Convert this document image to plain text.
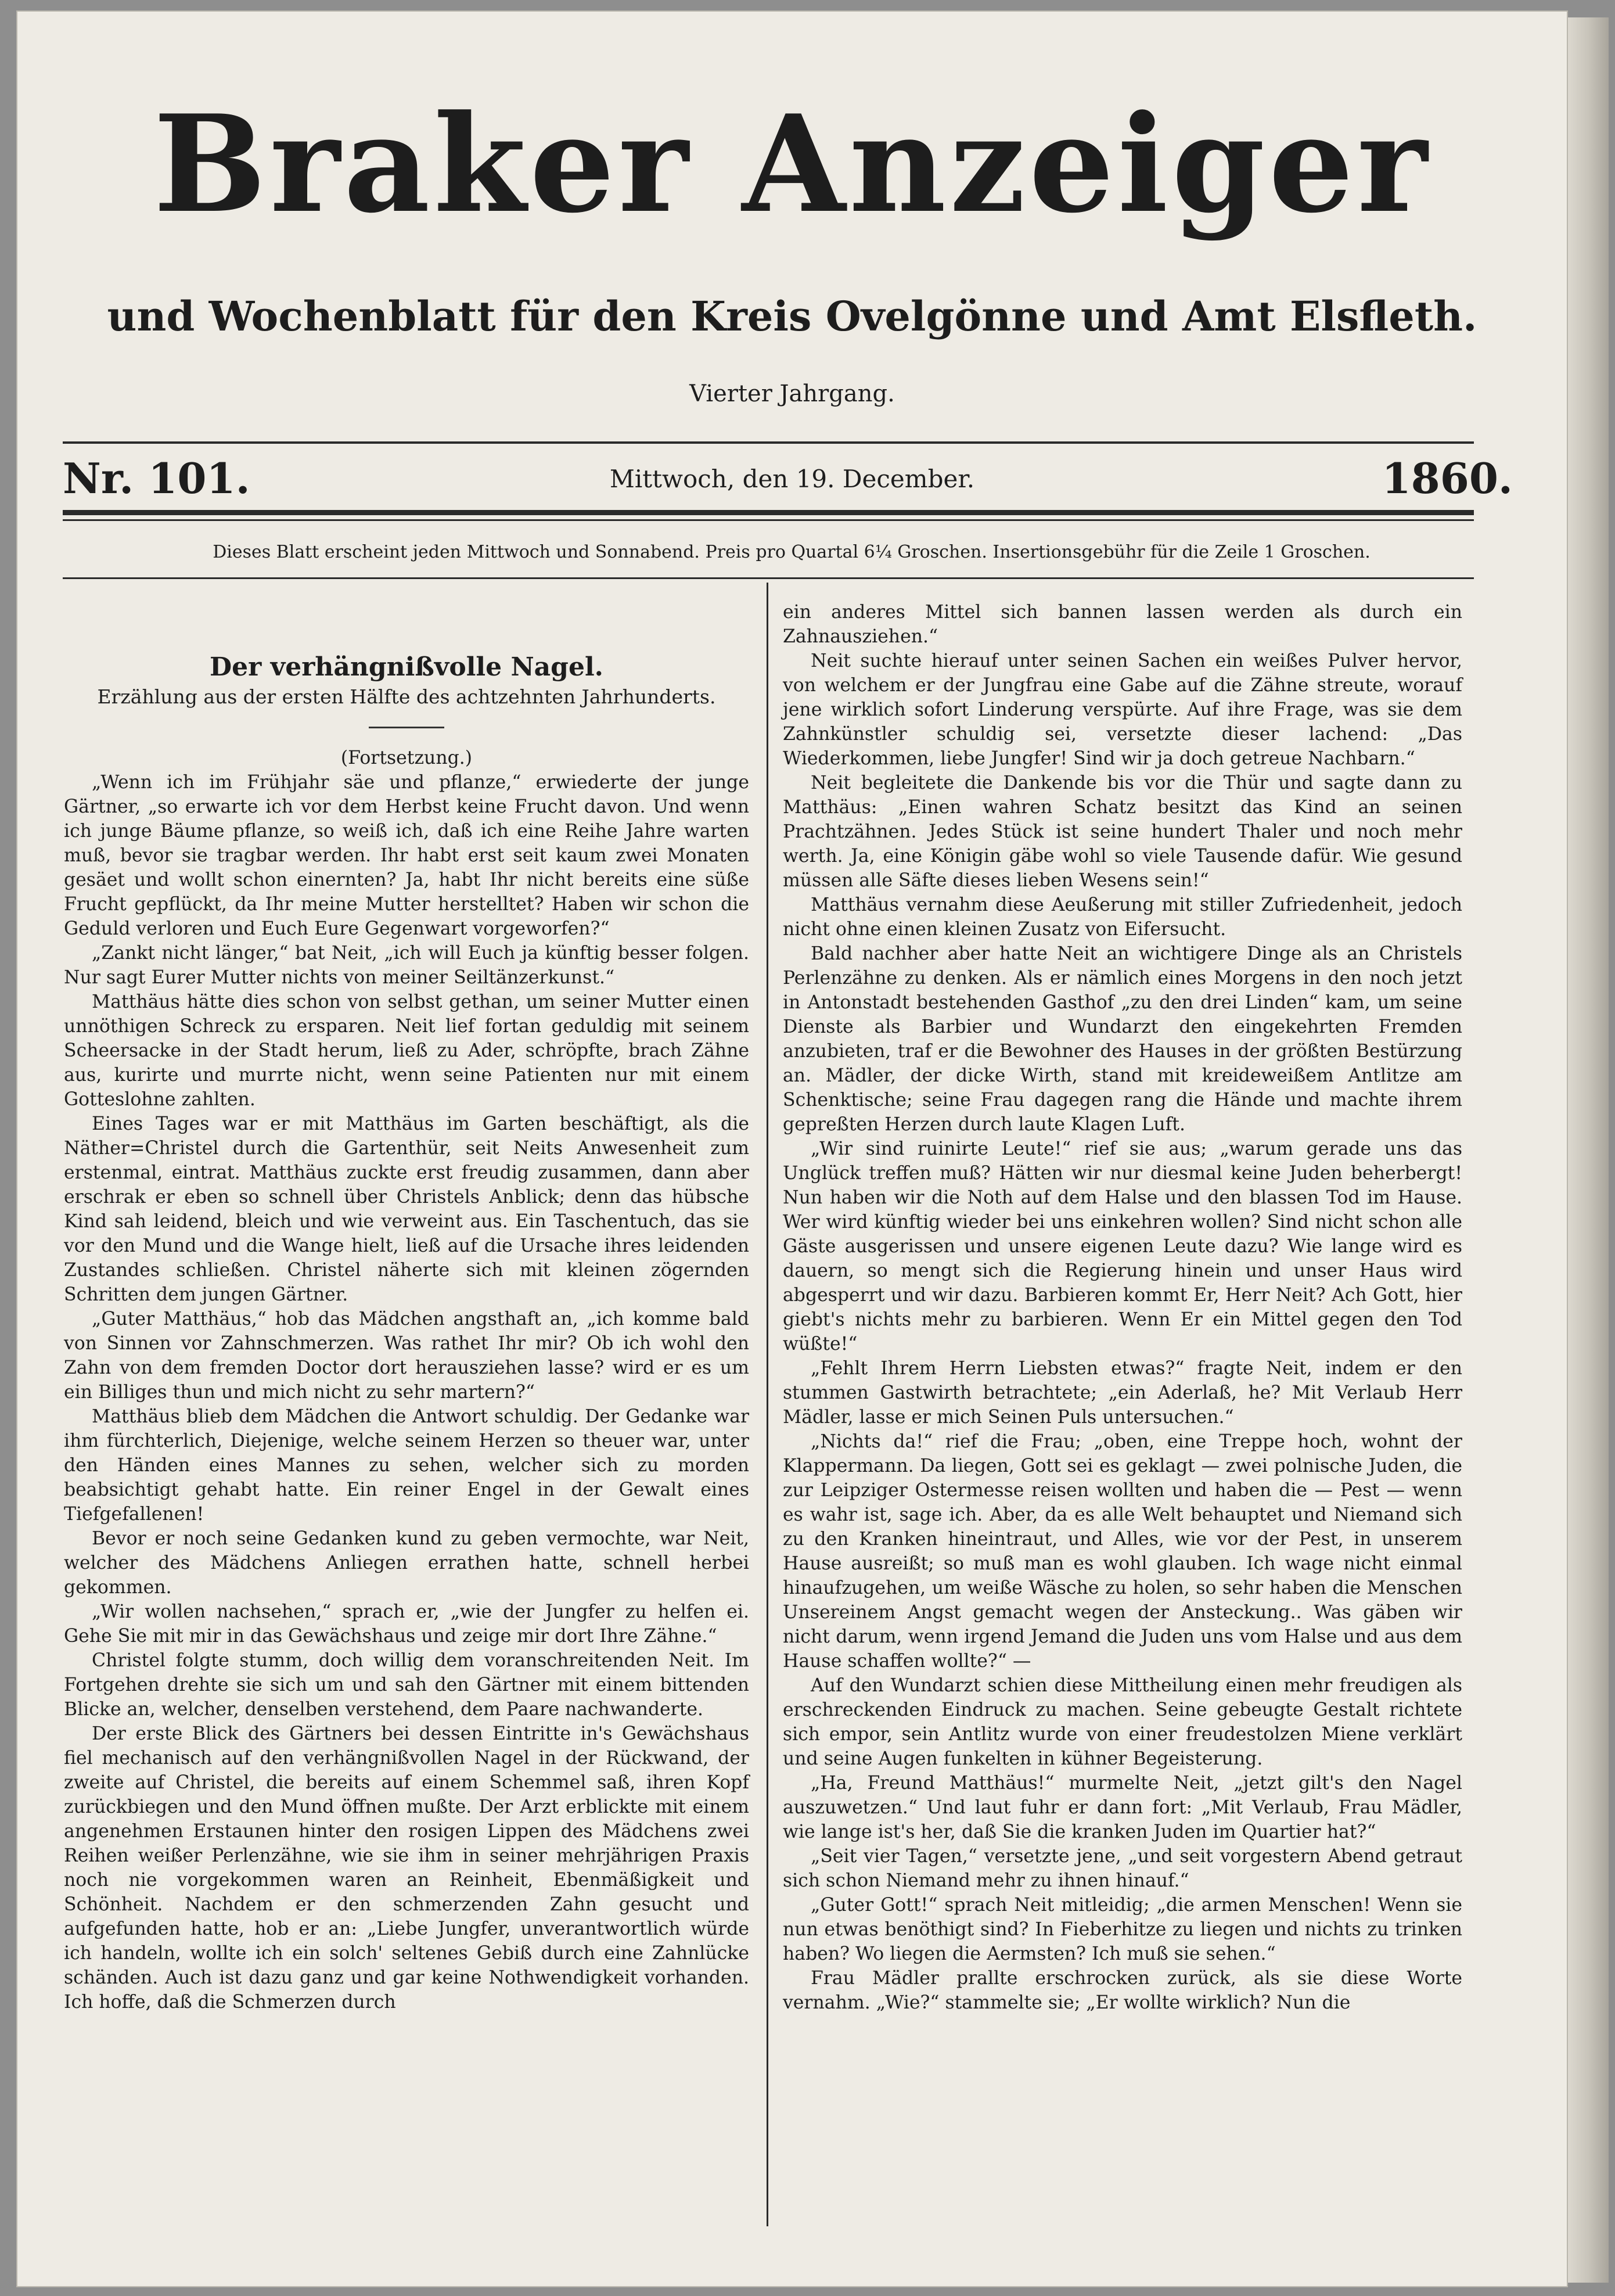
Braker Anzeiger
und Wochenblatt für den Kreis Ovelgönne und Amt Elsfleth.
Vierter Jahrgang.
Nr. 101.	Mittwoch, den 19. December.	1860.
Dieses Blatt erscheint jeden Mittwoch und Sonnabend. Preis pro Quartal 6¼ Groschen. Insertionsgebühr für die Zeile 1 Groschen.

Der verhängnißvolle Nagel.

Erzählung aus der ersten Hälfte des achtzehnten Jahrhunderts.

(Fortsetzung.)

„Wenn ich im Frühjahr säe und pflanze,“ erwiederte der junge Gärtner, „so erwarte ich vor dem Herbst keine Frucht davon. Und wenn ich junge Bäume pflanze, so weiß ich, daß ich eine Reihe Jahre warten muß, bevor sie tragbar werden. Ihr habt erst seit kaum zwei Monaten gesäet und wollt schon einernten? Ja, habt Ihr nicht bereits eine süße Frucht gepflückt, da Ihr meine Mutter herstelltet? Haben wir schon die Geduld verloren und Euch Eure Gegenwart vorgeworfen?“

„Zankt nicht länger,“ bat Neit, „ich will Euch ja künftig besser folgen. Nur sagt Eurer Mutter nichts von meiner Seiltänzerkunst.“

Matthäus hätte dies schon von selbst gethan, um seiner Mutter einen unnöthigen Schreck zu ersparen. Neit lief fortan geduldig mit seinem Scheersacke in der Stadt herum, ließ zu Ader, schröpfte, brach Zähne aus, kurirte und murrte nicht, wenn seine Patienten nur mit einem Gotteslohne zahlten.

Eines Tages war er mit Matthäus im Garten beschäftigt, als die Näther=Christel durch die Gartenthür, seit Neits Anwesenheit zum erstenmal, eintrat. Matthäus zuckte erst freudig zusammen, dann aber erschrak er eben so schnell über Christels Anblick; denn das hübsche Kind sah leidend, bleich und wie verweint aus. Ein Taschentuch, das sie vor den Mund und die Wange hielt, ließ auf die Ursache ihres leidenden Zustandes schließen. Christel näherte sich mit kleinen zögernden Schritten dem jungen Gärtner.

„Guter Matthäus,“ hob das Mädchen angsthaft an, „ich komme bald von Sinnen vor Zahnschmerzen. Was rathet Ihr mir? Ob ich wohl den Zahn von dem fremden Doctor dort herausziehen lasse? wird er es um ein Billiges thun und mich nicht zu sehr martern?“

Matthäus blieb dem Mädchen die Antwort schuldig. Der Gedanke war ihm fürchterlich, Diejenige, welche seinem Herzen so theuer war, unter den Händen eines Mannes zu sehen, welcher sich zu morden beabsichtigt gehabt hatte. Ein reiner Engel in der Gewalt eines Tiefgefallenen!

Bevor er noch seine Gedanken kund zu geben vermochte, war Neit, welcher des Mädchens Anliegen errathen hatte, schnell herbei gekommen.

„Wir wollen nachsehen,“ sprach er, „wie der Jungfer zu helfen ei. Gehe Sie mit mir in das Gewächshaus und zeige mir dort Ihre Zähne.“

Christel folgte stumm, doch willig dem voranschreitenden Neit. Im Fortgehen drehte sie sich um und sah den Gärtner mit einem bittenden Blicke an, welcher, denselben verstehend, dem Paare nachwanderte.

Der erste Blick des Gärtners bei dessen Eintritte in's Gewächshaus fiel mechanisch auf den verhängnißvollen Nagel in der Rückwand, der zweite auf Christel, die bereits auf einem Schemmel saß, ihren Kopf zurückbiegen und den Mund öffnen mußte. Der Arzt erblickte mit einem angenehmen Erstaunen hinter den rosigen Lippen des Mädchens zwei Reihen weißer Perlenzähne, wie sie ihm in seiner mehrjährigen Praxis noch nie vorgekommen waren an Reinheit, Ebenmäßigkeit und Schönheit. Nachdem er den schmerzenden Zahn gesucht und aufgefunden hatte, hob er an: „Liebe Jungfer, unverantwortlich würde ich handeln, wollte ich ein solch' seltenes Gebiß durch eine Zahnlücke schänden. Auch ist dazu ganz und gar keine Nothwendigkeit vorhanden. Ich hoffe, daß die Schmerzen durch

ein anderes Mittel sich bannen lassen werden als durch ein Zahnausziehen.“

Neit suchte hierauf unter seinen Sachen ein weißes Pulver hervor, von welchem er der Jungfrau eine Gabe auf die Zähne streute, worauf jene wirklich sofort Linderung verspürte. Auf ihre Frage, was sie dem Zahnkünstler schuldig sei, versetzte dieser lachend: „Das Wiederkommen, liebe Jungfer! Sind wir ja doch getreue Nachbarn.“

Neit begleitete die Dankende bis vor die Thür und sagte dann zu Matthäus: „Einen wahren Schatz besitzt das Kind an seinen Prachtzähnen. Jedes Stück ist seine hundert Thaler und noch mehr werth. Ja, eine Königin gäbe wohl so viele Tausende dafür. Wie gesund müssen alle Säfte dieses lieben Wesens sein!“

Matthäus vernahm diese Aeußerung mit stiller Zufriedenheit, jedoch nicht ohne einen kleinen Zusatz von Eifersucht.

Bald nachher aber hatte Neit an wichtigere Dinge als an Christels Perlenzähne zu denken. Als er nämlich eines Morgens in den noch jetzt in Antonstadt bestehenden Gasthof „zu den drei Linden“ kam, um seine Dienste als Barbier und Wundarzt den eingekehrten Fremden anzubieten, traf er die Bewohner des Hauses in der größten Bestürzung an. Mädler, der dicke Wirth, stand mit kreideweißem Antlitze am Schenktische; seine Frau dagegen rang die Hände und machte ihrem gepreßten Herzen durch laute Klagen Luft.

„Wir sind ruinirte Leute!“ rief sie aus; „warum gerade uns das Unglück treffen muß? Hätten wir nur diesmal keine Juden beherbergt! Nun haben wir die Noth auf dem Halse und den blassen Tod im Hause. Wer wird künftig wieder bei uns einkehren wollen? Sind nicht schon alle Gäste ausgerissen und unsere eigenen Leute dazu? Wie lange wird es dauern, so mengt sich die Regierung hinein und unser Haus wird abgesperrt und wir dazu. Barbieren kommt Er, Herr Neit? Ach Gott, hier giebt's nichts mehr zu barbieren. Wenn Er ein Mittel gegen den Tod wüßte!“

„Fehlt Ihrem Herrn Liebsten etwas?“ fragte Neit, indem er den stummen Gastwirth betrachtete; „ein Aderlaß, he? Mit Verlaub Herr Mädler, lasse er mich Seinen Puls untersuchen.“

„Nichts da!“ rief die Frau; „oben, eine Treppe hoch, wohnt der Klappermann. Da liegen, Gott sei es geklagt — zwei polnische Juden, die zur Leipziger Ostermesse reisen wollten und haben die — Pest — wenn es wahr ist, sage ich. Aber, da es alle Welt behauptet und Niemand sich zu den Kranken hineintraut, und Alles, wie vor der Pest, in unserem Hause ausreißt; so muß man es wohl glauben. Ich wage nicht einmal hinaufzugehen, um weiße Wäsche zu holen, so sehr haben die Menschen Unsereinem Angst gemacht wegen der Ansteckung.. Was gäben wir nicht darum, wenn irgend Jemand die Juden uns vom Halse und aus dem Hause schaffen wollte?“ —

Auf den Wundarzt schien diese Mittheilung einen mehr freudigen als erschreckenden Eindruck zu machen. Seine gebeugte Gestalt richtete sich empor, sein Antlitz wurde von einer freudestolzen Miene verklärt und seine Augen funkelten in kühner Begeisterung.

„Ha, Freund Matthäus!“ murmelte Neit, „jetzt gilt's den Nagel auszuwetzen.“ Und laut fuhr er dann fort: „Mit Verlaub, Frau Mädler, wie lange ist's her, daß Sie die kranken Juden im Quartier hat?“

„Seit vier Tagen,“ versetzte jene, „und seit vorgestern Abend getraut sich schon Niemand mehr zu ihnen hinauf.“

„Guter Gott!“ sprach Neit mitleidig; „die armen Menschen! Wenn sie nun etwas benöthigt sind? In Fieberhitze zu liegen und nichts zu trinken haben? Wo liegen die Aermsten? Ich muß sie sehen.“

Frau Mädler prallte erschrocken zurück, als sie diese Worte vernahm. „Wie?“ stammelte sie; „Er wollte wirklich? Nun die
